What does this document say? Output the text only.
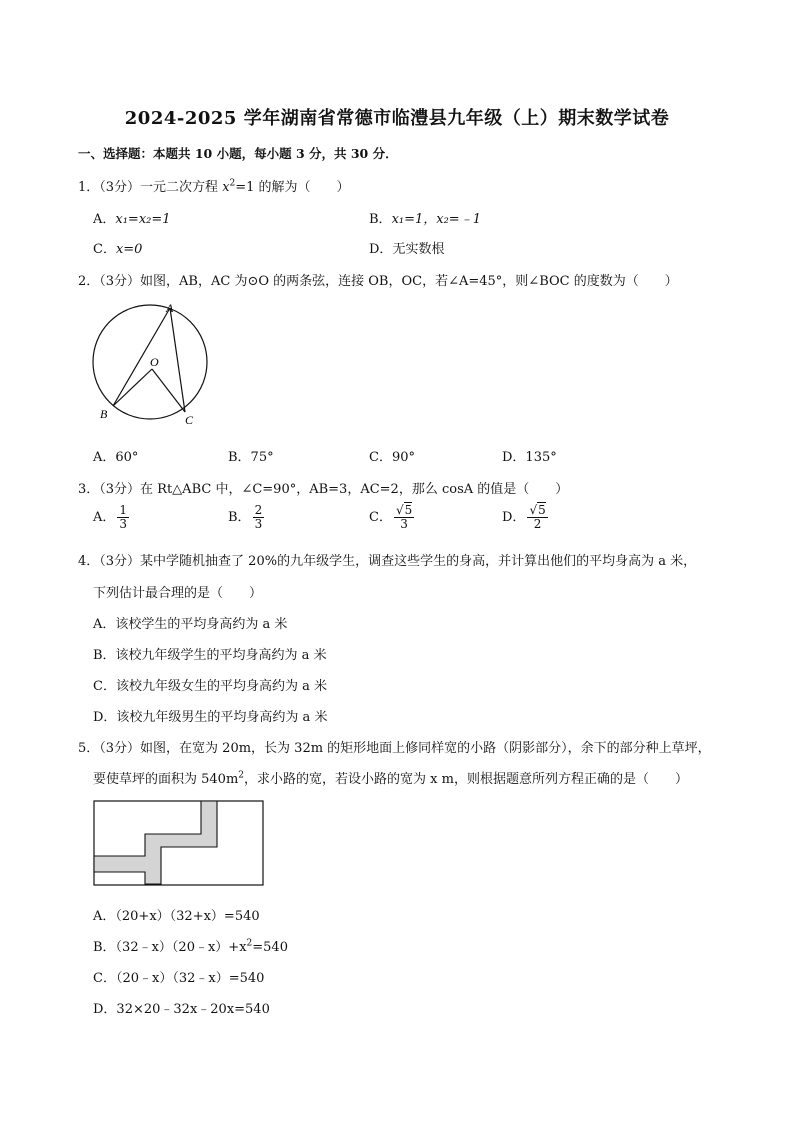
2024-2025 学年湖南省常德市临澧县九年级（上）期末数学试卷
一、选择题：本题共 10 小题，每小题 3 分，共 30 分．
1．（3分）一元二次方程 $x^2=1$ 的解为（　　）
A．x₁=x₂=1	B．x₁=1，x₂=﹣1
C．x=0	D．无实数根
2．（3分）如图，AB，AC 为⊙O 的两条弦，连接 OB，OC，若∠A=45°，则∠BOC 的度数为（　　）
A
O
B	C
A．60°	B．75°	C．90°	D．135°
3．（3分）在 Rt△ABC 中，∠C=90°，AB=3，AC=2，那么 cosA 的值是（　　）
A． $\frac{1}{3}$	B． $\frac{2}{3}$	C． $\frac{√5}{3}$	D． $\frac{√5}{2}$
4．（3分）某中学随机抽查了 20%的九年级学生，调查这些学生的身高，并计算出他们的平均身高为 a 米，
下列估计最合理的是（　　）
A．该校学生的平均身高约为 a 米
B．该校九年级学生的平均身高约为 a 米
C．该校九年级女生的平均身高约为 a 米
D．该校九年级男生的平均身高约为 a 米
5．（3分）如图，在宽为 20m，长为 32m 的矩形地面上修同样宽的小路（阴影部分），余下的部分种上草坪，
要使草坪的面积为 $540m^2$，求小路的宽，若设小路的宽为 x m，则根据题意所列方程正确的是（　　）
A．（20+x）（32+x）=540
B．$(32﹣x)(20﹣x)+x^2=540$
C．（20﹣x）（32﹣x）=540
D．32×20﹣32x﹣20x=540
